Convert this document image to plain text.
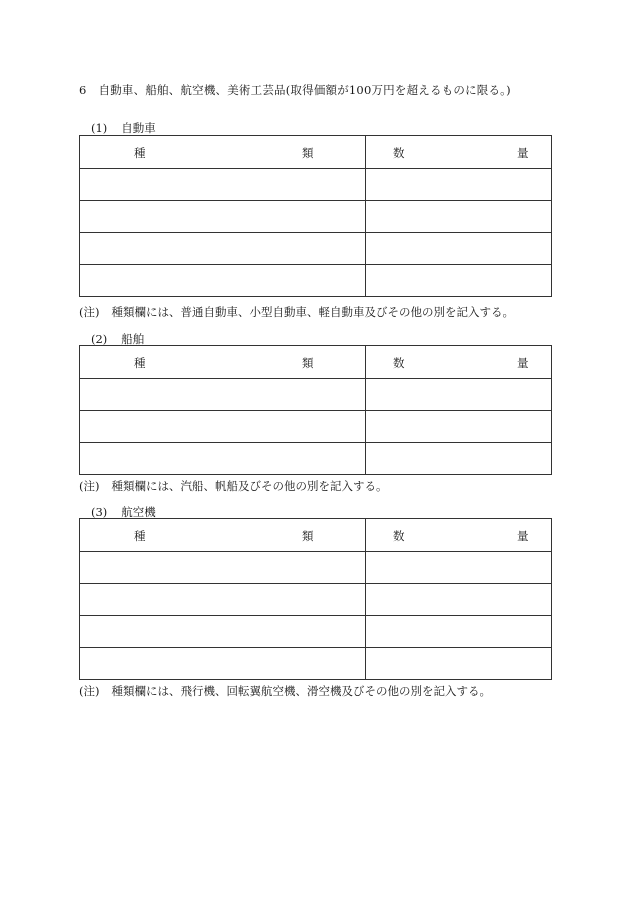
6 自動車、船舶、航空機、美術工芸品(取得価額が100万円を超えるものに限る。)
(1) 自動車
種 類	数 量

(注) 種類欄には、普通自動車、小型自動車、軽自動車及びその他の別を記入する。
(2) 船舶
種 類	数 量

(注) 種類欄には、汽船、帆船及びその他の別を記入する。
(3) 航空機
種 類	数 量

(注) 種類欄には、飛行機、回転翼航空機、滑空機及びその他の別を記入する。
